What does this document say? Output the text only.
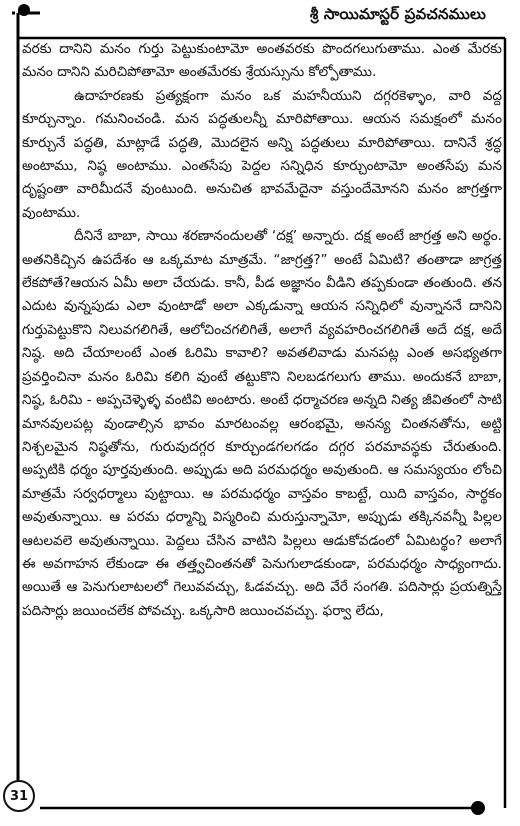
శ్రీ సాయిమాస్టర్ ప్రవచనములు

వరకు దానిని మనం గుర్తు పెట్టుకుంటామో అంతవరకు పొందగలుగుతాము. ఎంత మేరకు మనం దానిని మరిచిపోతామో అంతమేరకు శ్రేయస్సును కోల్పోతాము.

ఉదాహరణకు ప్రత్యక్షంగా మనం ఒక మహనీయుని దగ్గరకెళ్ళాం, వారి వద్ద కూర్చున్నాం. గమనించండి. మన పద్ధతులన్నీ మారిపోతాయి. ఆయన సమక్షంలో మనం కూర్చునే పద్ధతి, మాట్లాడే పద్ధతి, మొదలైన అన్ని పద్ధతులు మారిపోతాయి. దానినే శ్రద్ధ అంటాము, నిష్ఠ అంటాము. ఎంతసేపు పెద్దల సన్నిధిన కూర్చుంటామో అంతసేపు మన దృష్టంతా వారిమీదనే వుంటుంది. అనుచిత భావమేదైనా వస్తుందేమోనని మనం జాగ్రత్తగా వుంటాము.

దీనినే బాబా, సాయి శరణానందులతో ‘దక్ష’ అన్నారు. దక్ష అంటే జాగ్రత్త అని అర్థం. అతనికిచ్చిన ఉపదేశం ఆ ఒక్కమాట మాత్రమే. “జాగ్రత్త?” అంటే ఏమిటి? తంతాడా జాగ్రత్త లేకపోతే?ఆయన ఏమీ అలా చేయడు. కానీ, పీడ అజ్ఞానం వీడిని తప్పకుండా తంతుంది. తన ఎదుట వున్నపుడు ఎలా వుంటాడో అలా ఎక్కడున్నా ఆయన సన్నిధిలో వున్నాననే దానిని గుర్తుపెట్టుకొని నిలువగలిగితే, ఆలోచించగలిగితే, అలాగే వ్యవహరించగలిగితే అదే దక్ష, అదే నిష్ఠ. అది చేయాలంటే ఎంత ఓరిమి కావాలి? అవతలివాడు మనపట్ల ఎంత అసభ్యతగా ప్రవర్తించినా మనం ఓరిమి కలిగి వుంటే తట్టుకొని నిలబడగలుగు తాము. అందుకనే బాబా, నిష్ఠ, ఓరిమి - అప్పచెళ్ళెళ్ళ వంటివి అంటారు. అంటే ధర్మాచరణ అన్నది నిత్య జీవితంలో సాటి మానవులపట్ల వుండాల్సిన భావం మారటంవల్ల ఆరంభమై, అనన్య చింతనతోను, అట్టి నిశ్చలమైన నిష్ఠతోను, గురువుదగ్గర కూర్చుండగలగడం దగ్గర పరమావస్థకు చేరుతుంది. అప్పటికి ధర్మం పూర్తవుతుంది. అప్పుడు అది పరమధర్మం అవుతుంది. ఆ సమస్యయం లోంచి మాత్రమే సర్వధర్మాలు పుట్టాయి. ఆ పరమధర్మం వాస్తవం కాబట్టే, యిది వాస్తవం, సార్థకం అవుతున్నాయి. ఆ పరమ ధర్మాన్ని విస్మరించి మరుస్తున్నామో, అప్పుడు తక్కినవన్నీ పిల్లల ఆటలవలె అవుతున్నాయి. పెద్దలు చేసిన వాటిని పిల్లలు ఆడుకోవడంలో ఏమిటర్థం? అలాగే ఈ అవగాహన లేకుండా ఈ తత్త్వచింతనతో పెనుగులాడకుండా, పరమధర్మం సాధ్యంగాదు. అయితే ఆ పెనుగులాటలలో గెలువవచ్చు, ఓడవచ్చు. అది వేరే సంగతి. పదిసార్లు ప్రయత్నిస్తే పదిసార్లు జయించలేక పోవచ్చు. ఒక్కసారి జయించవచ్చు. ఫర్వా లేదు,

31
